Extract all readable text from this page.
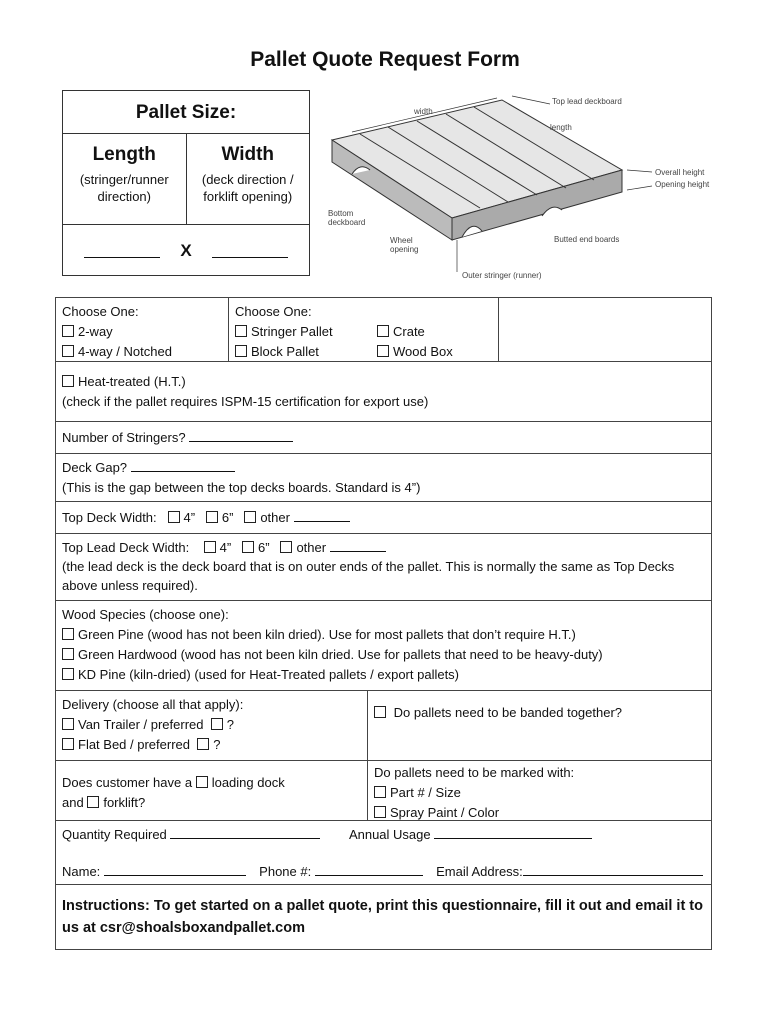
Pallet Quote Request Form
Pallet Size:
Length
(stringer/runner direction)
Width
(deck direction / forklift opening)
X
width
Top lead deckboard
length
Overall height
Opening height
Bottom
deckboard
Wheel
opening
Butted end boards
Outer stringer (runner)
Choose One:
2-way
4-way / Notched
Choose One:
Stringer Pallet	Crate
Block Pallet	Wood Box
Heat-treated (H.T.)
(check if the pallet requires ISPM-15 certification for export use)
Number of Stringers?
Deck Gap?
(This is the gap between the top decks boards. Standard is 4”)
Top Deck Width: 4” 6” other
Top Lead Deck Width: 4” 6” other
(the lead deck is the deck board that is on outer ends of the pallet. This is normally the same as Top Decks above unless required).
Wood Species (choose one):
Green Pine (wood has not been kiln dried). Use for most pallets that don’t require H.T.)
Green Hardwood (wood has not been kiln dried. Use for pallets that need to be heavy-duty)
KD Pine (kiln-dried) (used for Heat-Treated pallets / export pallets)
Delivery (choose all that apply):
Van Trailer / preferred ?
Flat Bed / preferred ?
Do pallets need to be banded together?
Does customer have a loading dock
and forklift?
Do pallets need to be marked with:
Part # / Size
Spray Paint / Color
Quantity Required	Annual Usage
Name:	Phone #:	Email Address:
Instructions: To get started on a pallet quote, print this questionnaire, fill it out and email it to us at csr@shoalsboxandpallet.com
